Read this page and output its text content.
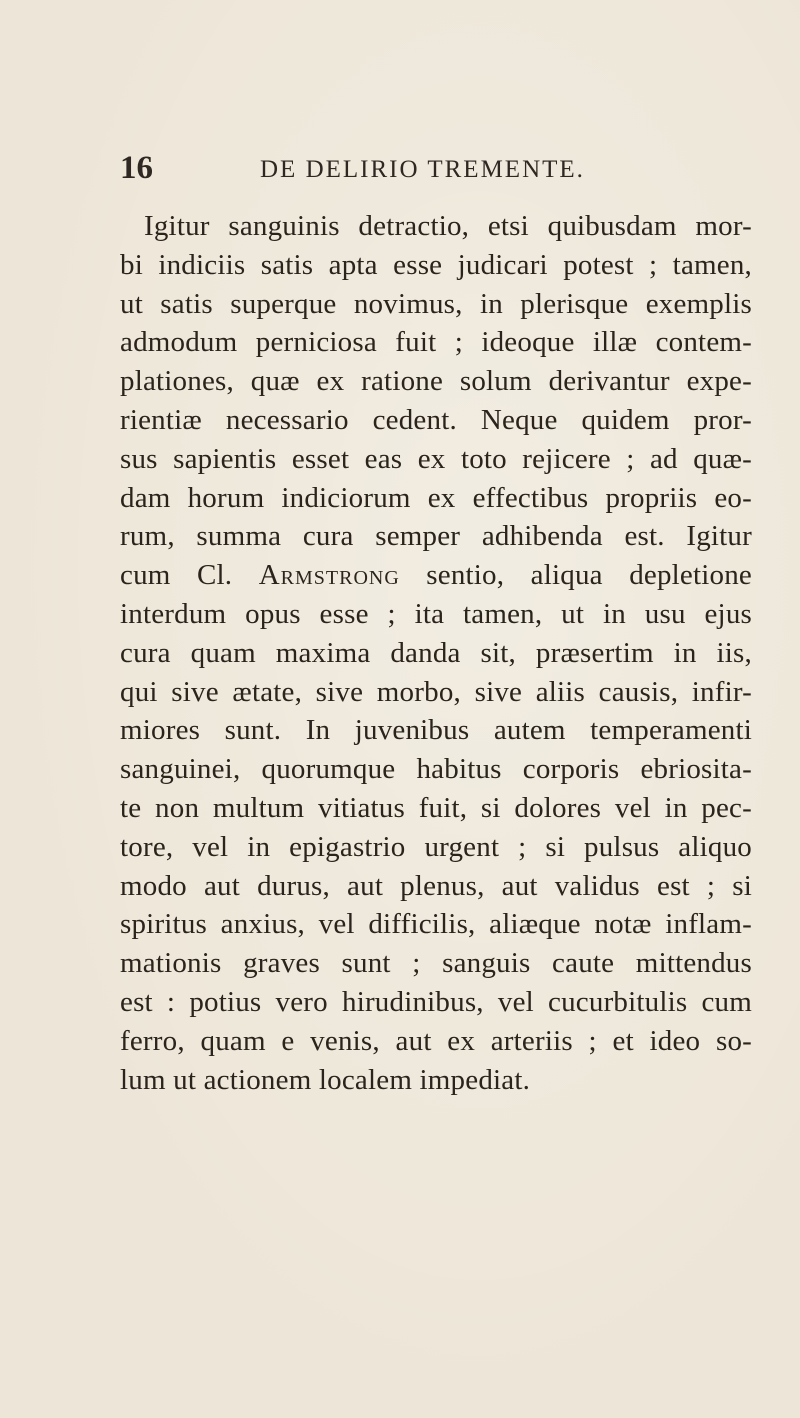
16	DE DELIRIO TREMENTE.
Igitur sanguinis detractio, etsi quibusdam mor-
bi indiciis satis apta esse judicari potest ; tamen,
ut satis superque novimus, in plerisque exemplis
admodum perniciosa fuit ; ideoque illæ contem-
plationes, quæ ex ratione solum derivantur expe-
rientiæ necessario cedent. Neque quidem pror-
sus sapientis esset eas ex toto rejicere ; ad quæ-
dam horum indiciorum ex effectibus propriis eo-
rum, summa cura semper adhibenda est. Igitur
cum Cl. Armstrong sentio, aliqua depletione
interdum opus esse ; ita tamen, ut in usu ejus
cura quam maxima danda sit, præsertim in iis,
qui sive ætate, sive morbo, sive aliis causis, infir-
miores sunt. In juvenibus autem temperamenti
sanguinei, quorumque habitus corporis ebriosita-
te non multum vitiatus fuit, si dolores vel in pec-
tore, vel in epigastrio urgent ; si pulsus aliquo
modo aut durus, aut plenus, aut validus est ; si
spiritus anxius, vel difficilis, aliæque notæ inflam-
mationis graves sunt ; sanguis caute mittendus
est : potius vero hirudinibus, vel cucurbitulis cum
ferro, quam e venis, aut ex arteriis ; et ideo so-
lum ut actionem localem impediat.
